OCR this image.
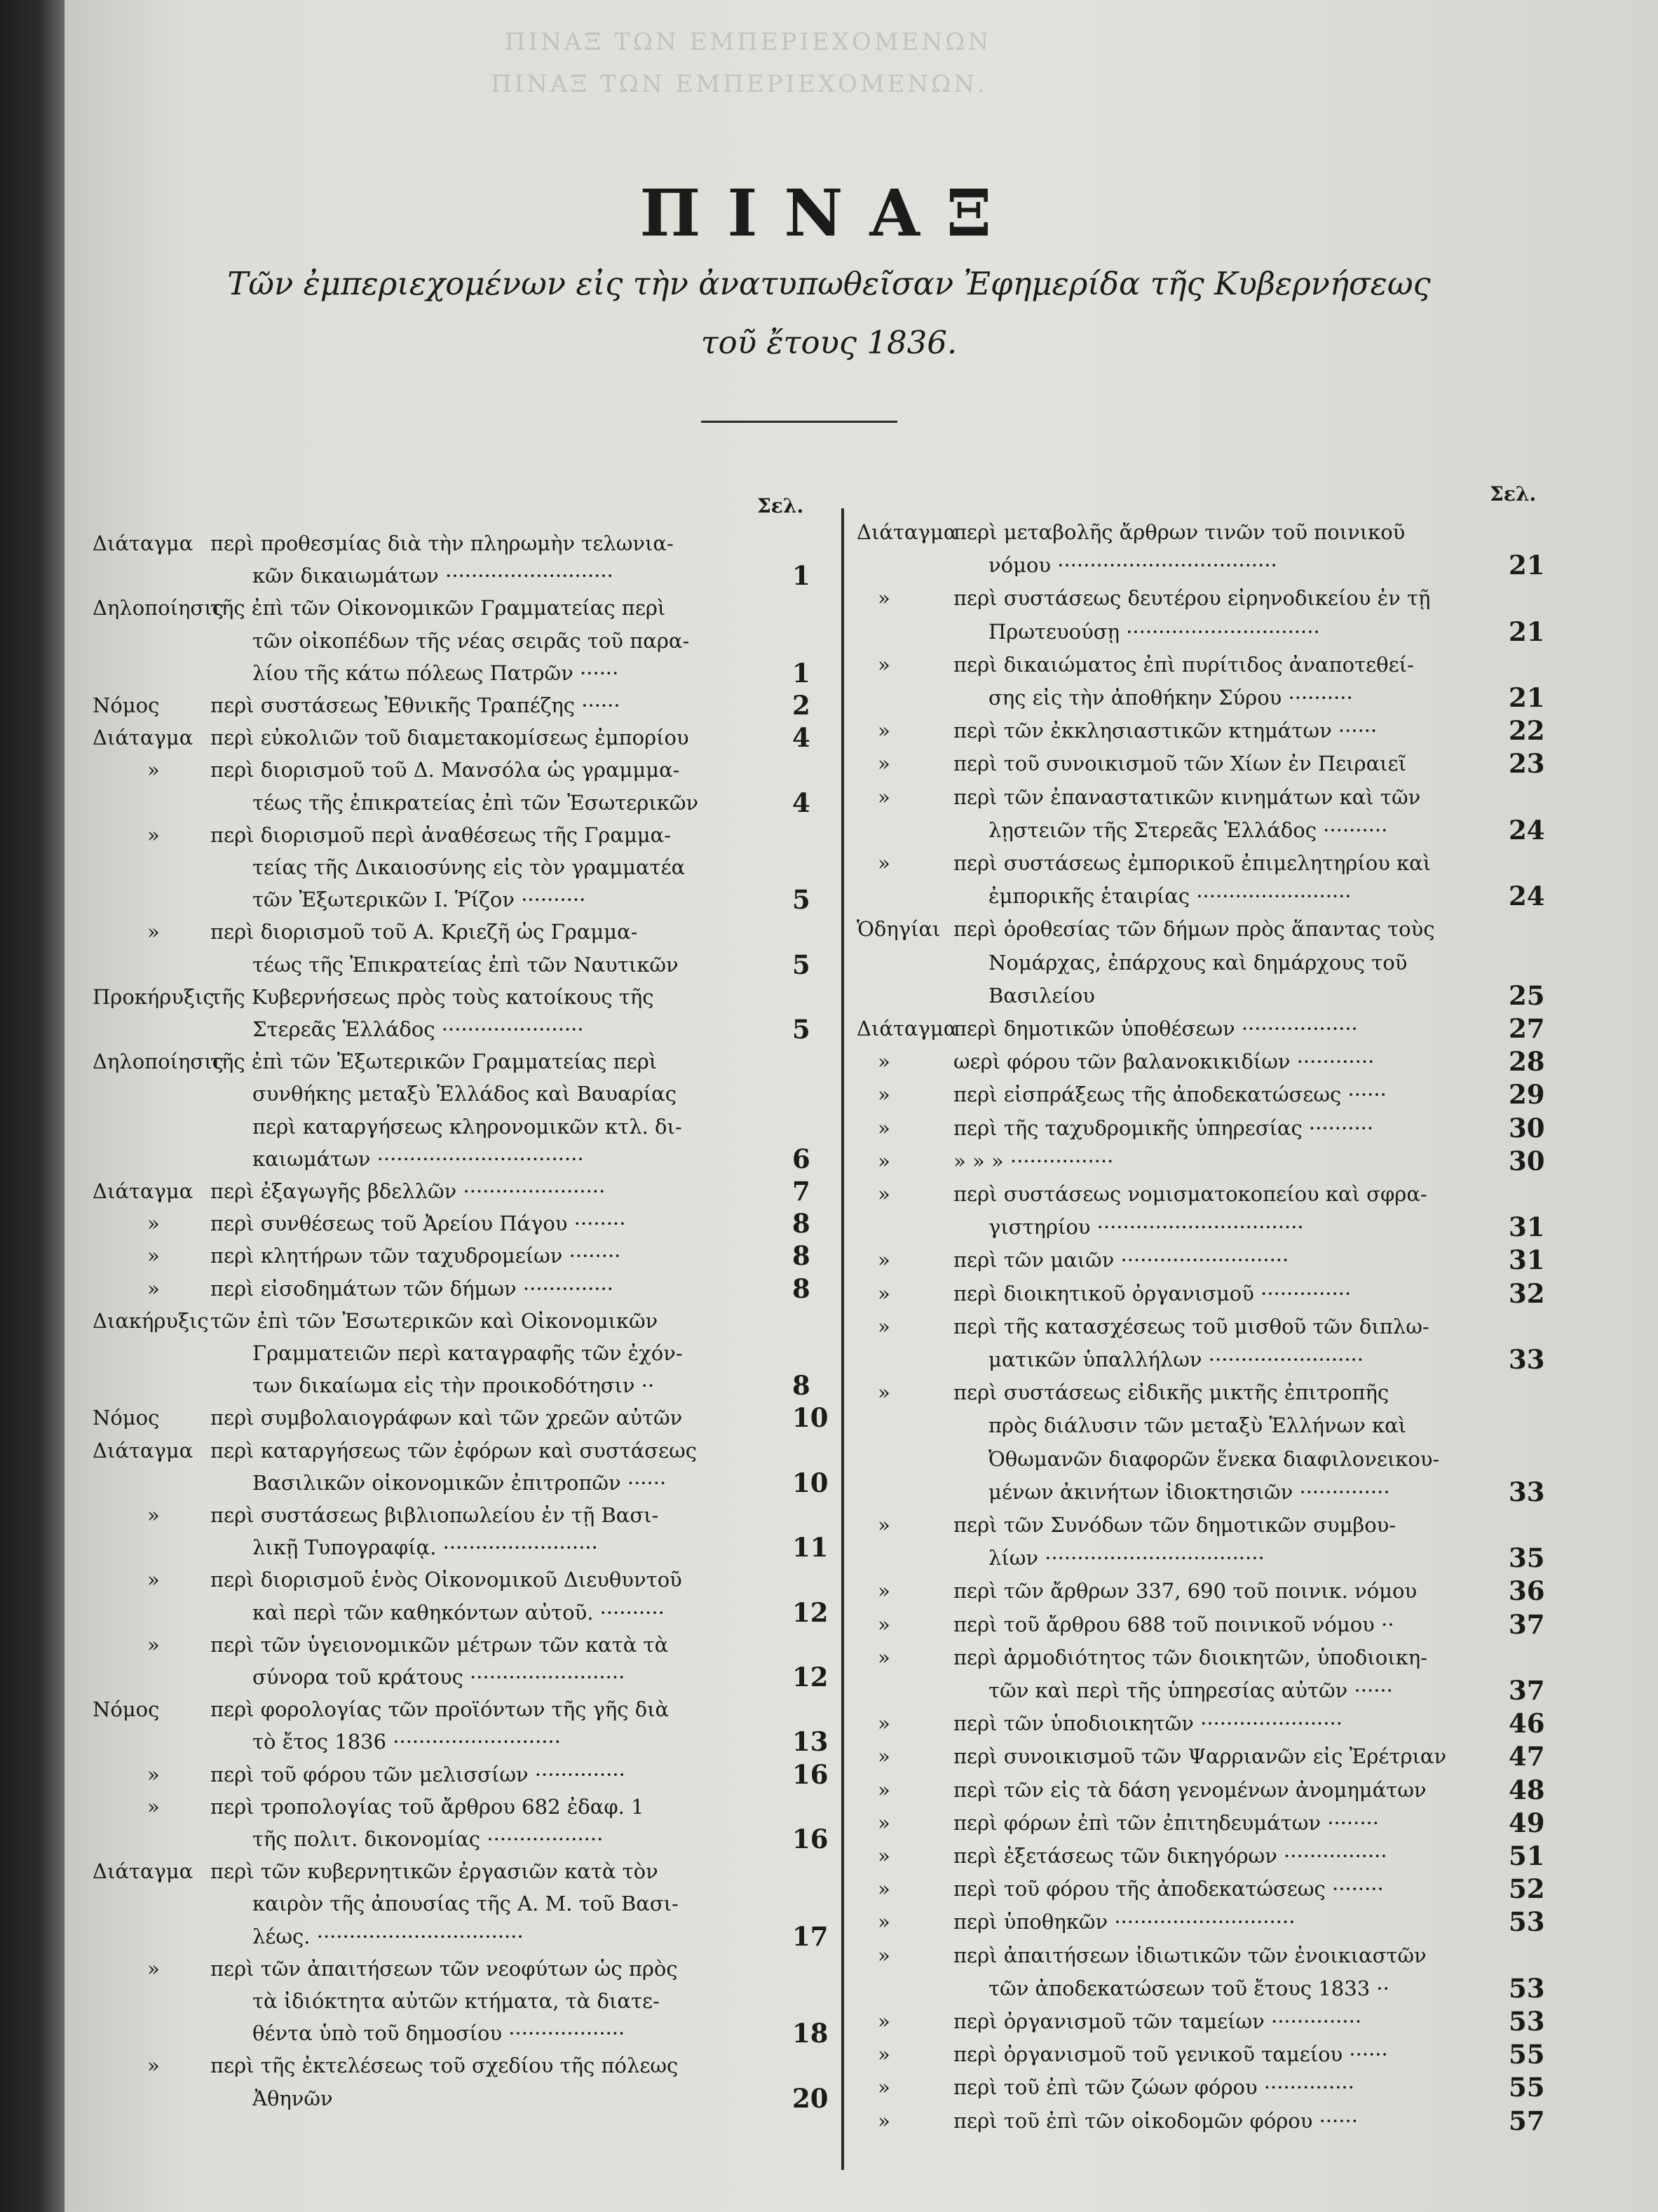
ΠΙΝΑΞ ΤΩΝ ΕΜΠΕΡΙΕΧΟΜΕΝΩΝ
ΠΙΝΑΞ ΤΩΝ ΕΜΠΕΡΙΕΧΟΜΕΝΩΝ.
ΠΙΝΑΞ
Τῶν ἐμπεριεχομένων εἰς τὴν ἀνατυπωθεῖσαν Ἐφημερίδα τῆς Κυβερνήσεως
τοῦ ἔτους 1836.
Σελ.
Σελ.
Διάταγμα περὶ προθεσμίας διὰ τὴν πληρωμὴν τελωνια-
κῶν δικαιωμάτων ··························	1
Δηλοποίησις
τῆς ἐπὶ τῶν Οἰκονομικῶν Γραμματείας περὶ
τῶν οἰκοπέδων τῆς νέας σειρᾶς τοῦ παρα-
λίου τῆς κάτω πόλεως Πατρῶν ······	1
Νόμος	περὶ συστάσεως Ἐθνικῆς Τραπέζης ······	2
Διάταγμα περὶ εὐκολιῶν τοῦ διαμετακομίσεως ἐμπορίου	4
» περὶ διορισμοῦ τοῦ Δ. Μανσόλα ὡς γραμμμα-
τέως τῆς ἐπικρατείας ἐπὶ τῶν Ἐσωτερικῶν	4
» περὶ διορισμοῦ περὶ ἀναθέσεως τῆς Γραμμα-
τείας τῆς Δικαιοσύνης εἰς τὸν γραμματέα
τῶν Ἐξωτερικῶν Ι. Ῥίζον ··········	5
» περὶ διορισμοῦ τοῦ Α. Κριεζῆ ὡς Γραμμα-
τέως τῆς Ἐπικρατείας ἐπὶ τῶν Ναυτικῶν	5
Προκήρυξις
τῆς Κυβερνήσεως πρὸς τοὺς κατοίκους τῆς
Στερεᾶς Ἑλλάδος ······················	5
Δηλοποίησις
τῆς ἐπὶ τῶν Ἐξωτερικῶν Γραμματείας περὶ
συνθήκης μεταξὺ Ἑλλάδος καὶ Βαυαρίας
περὶ καταργήσεως κληρονομικῶν κτλ. δι-
καιωμάτων ································	6
Διάταγμα περὶ ἐξαγωγῆς βδελλῶν ······················	7
» περὶ συνθέσεως τοῦ Ἀρείου Πάγου ········	8
» περὶ κλητήρων τῶν ταχυδρομείων ········	8
» περὶ εἰσοδημάτων τῶν δήμων ··············	8
Διακήρυξις τῶν ἐπὶ τῶν Ἐσωτερικῶν καὶ Οἰκονομικῶν
Γραμματειῶν περὶ καταγραφῆς τῶν ἐχόν-
των δικαίωμα εἰς τὴν προικοδότησιν ··	8
Νόμος	περὶ συμβολαιογράφων καὶ τῶν χρεῶν αὐτῶν	10
Διάταγμα περὶ καταργήσεως τῶν ἐφόρων καὶ συστάσεως
Βασιλικῶν οἰκονομικῶν ἐπιτροπῶν ······	10
» περὶ συστάσεως βιβλιοπωλείου ἐν τῇ Βασι-
λικῇ Τυπογραφίᾳ. ························	11
» περὶ διορισμοῦ ἑνὸς Οἰκονομικοῦ Διευθυντοῦ
καὶ περὶ τῶν καθηκόντων αὐτοῦ. ··········	12
» περὶ τῶν ὑγειονομικῶν μέτρων τῶν κατὰ τὰ
σύνορα τοῦ κράτους ························	12
Νόμος	περὶ φορολογίας τῶν προϊόντων τῆς γῆς διὰ
τὸ ἔτος 1836 ··························	13
» περὶ τοῦ φόρου τῶν μελισσίων ··············	16
» περὶ τροπολογίας τοῦ ἄρθρου 682 ἐδαφ. 1
τῆς πολιτ. δικονομίας ··················	16
Διάταγμα περὶ τῶν κυβερνητικῶν ἐργασιῶν κατὰ τὸν
καιρὸν τῆς ἀπουσίας τῆς Α. Μ. τοῦ Βασι-
λέως. ································	17
» περὶ τῶν ἀπαιτήσεων τῶν νεοφύτων ὡς πρὸς
τὰ ἰδιόκτητα αὐτῶν κτήματα, τὰ διατε-
θέντα ὑπὸ τοῦ δημοσίου ··················	18
» περὶ τῆς ἐκτελέσεως τοῦ σχεδίου τῆς πόλεως
Ἀθηνῶν	20
Διάταγμα
περὶ μεταβολῆς ἄρθρων τινῶν τοῦ ποινικοῦ
νόμου ··································	21
»	περὶ συστάσεως δευτέρου εἰρηνοδικείου ἐν τῇ
Πρωτευούσῃ ······························	21
»	περὶ δικαιώματος ἐπὶ πυρίτιδος ἀναποτεθεί-
σης εἰς τὴν ἀποθήκην Σύρου ··········	21
»	περὶ τῶν ἐκκλησιαστικῶν κτημάτων ······	22
»	περὶ τοῦ συνοικισμοῦ τῶν Χίων ἐν Πειραιεῖ	23
»	περὶ τῶν ἐπαναστατικῶν κινημάτων καὶ τῶν
λῃστειῶν τῆς Στερεᾶς Ἑλλάδος ··········	24
»	περὶ συστάσεως ἐμπορικοῦ ἐπιμελητηρίου καὶ
ἐμπορικῆς ἑταιρίας ························	24
Ὁδηγίαι περὶ ὁροθεσίας τῶν δήμων πρὸς ἅπαντας τοὺς
Νομάρχας, ἐπάρχους καὶ δημάρχους τοῦ
Βασιλείου	25
Διάταγμα
περὶ δημοτικῶν ὑποθέσεων ··················	27
»	ωερὶ φόρου τῶν βαλανοκικιδίων ············	28
»	περὶ εἰσπράξεως τῆς ἀποδεκατώσεως ······	29
»	περὶ τῆς ταχυδρομικῆς ὑπηρεσίας ··········	30
»	» » » ················	30
»	περὶ συστάσεως νομισματοκοπείου καὶ σφρα-
γιστηρίου ································	31
»	περὶ τῶν μαιῶν ··························	31
»	περὶ διοικητικοῦ ὀργανισμοῦ ··············	32
»	περὶ τῆς κατασχέσεως τοῦ μισθοῦ τῶν διπλω-
ματικῶν ὑπαλλήλων ························	33
»	περὶ συστάσεως εἰδικῆς μικτῆς ἐπιτροπῆς
πρὸς διάλυσιν τῶν μεταξὺ Ἑλλήνων καὶ
Ὀθωμανῶν διαφορῶν ἕνεκα διαφιλονεικου-
μένων ἀκινήτων ἰδιοκτησιῶν ··············	33
»	περὶ τῶν Συνόδων τῶν δημοτικῶν συμβου-
λίων ··································	35
»	περὶ τῶν ἄρθρων 337, 690 τοῦ ποινικ. νόμου	36
»	περὶ τοῦ ἄρθρου 688 τοῦ ποινικοῦ νόμου ··	37
»	περὶ ἁρμοδιότητος τῶν διοικητῶν, ὑποδιοικη-
τῶν καὶ περὶ τῆς ὑπηρεσίας αὐτῶν ······	37
»	περὶ τῶν ὑποδιοικητῶν ······················	46
»	περὶ συνοικισμοῦ τῶν Ψαρριανῶν εἰς Ἐρέτριαν 47
»	περὶ τῶν εἰς τὰ δάση γενομένων ἀνομημάτων	48
»	περὶ φόρων ἐπὶ τῶν ἐπιτηδευμάτων ········	49
»	περὶ ἐξετάσεως τῶν δικηγόρων ················	51
»	περὶ τοῦ φόρου τῆς ἀποδεκατώσεως ········	52
»	περὶ ὑποθηκῶν ····························	53
»	περὶ ἀπαιτήσεων ἰδιωτικῶν τῶν ἐνοικιαστῶν
τῶν ἀποδεκατώσεων τοῦ ἔτους 1833 ··	53
»	περὶ ὀργανισμοῦ τῶν ταμείων ··············	53
»	περὶ ὀργανισμοῦ τοῦ γενικοῦ ταμείου ······	55
»	περὶ τοῦ ἐπὶ τῶν ζώων φόρου ··············	55
»	περὶ τοῦ ἐπὶ τῶν οἰκοδομῶν φόρου ······	57
